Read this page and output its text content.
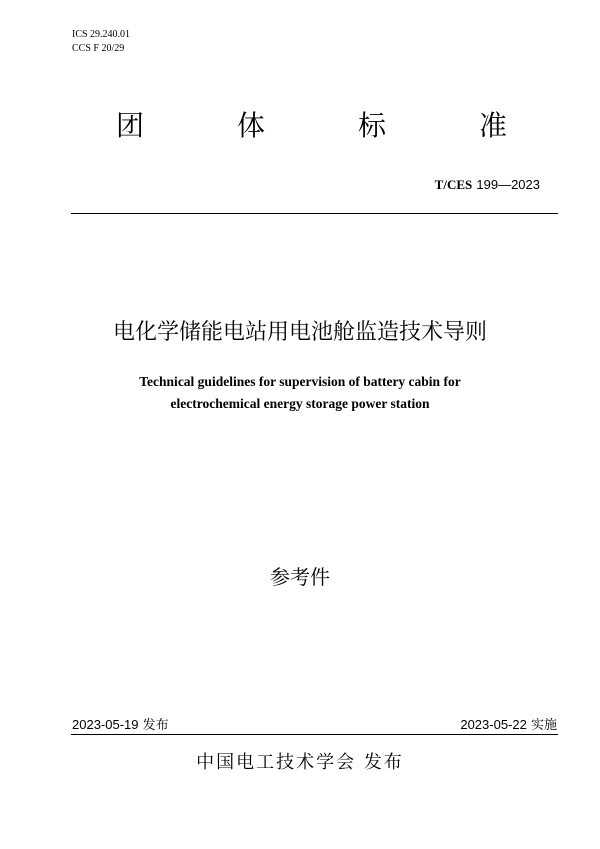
ICS 29.240.01
CCS F 20/29
团	体	标	准
T/CES 199—2023
电化学储能电站用电池舱监造技术导则
Technical guidelines for supervision of battery cabin for
electrochemical energy storage power station
参考件
2023-05-19 发布	2023-05-22 实施
中国电工技术学会 发布
